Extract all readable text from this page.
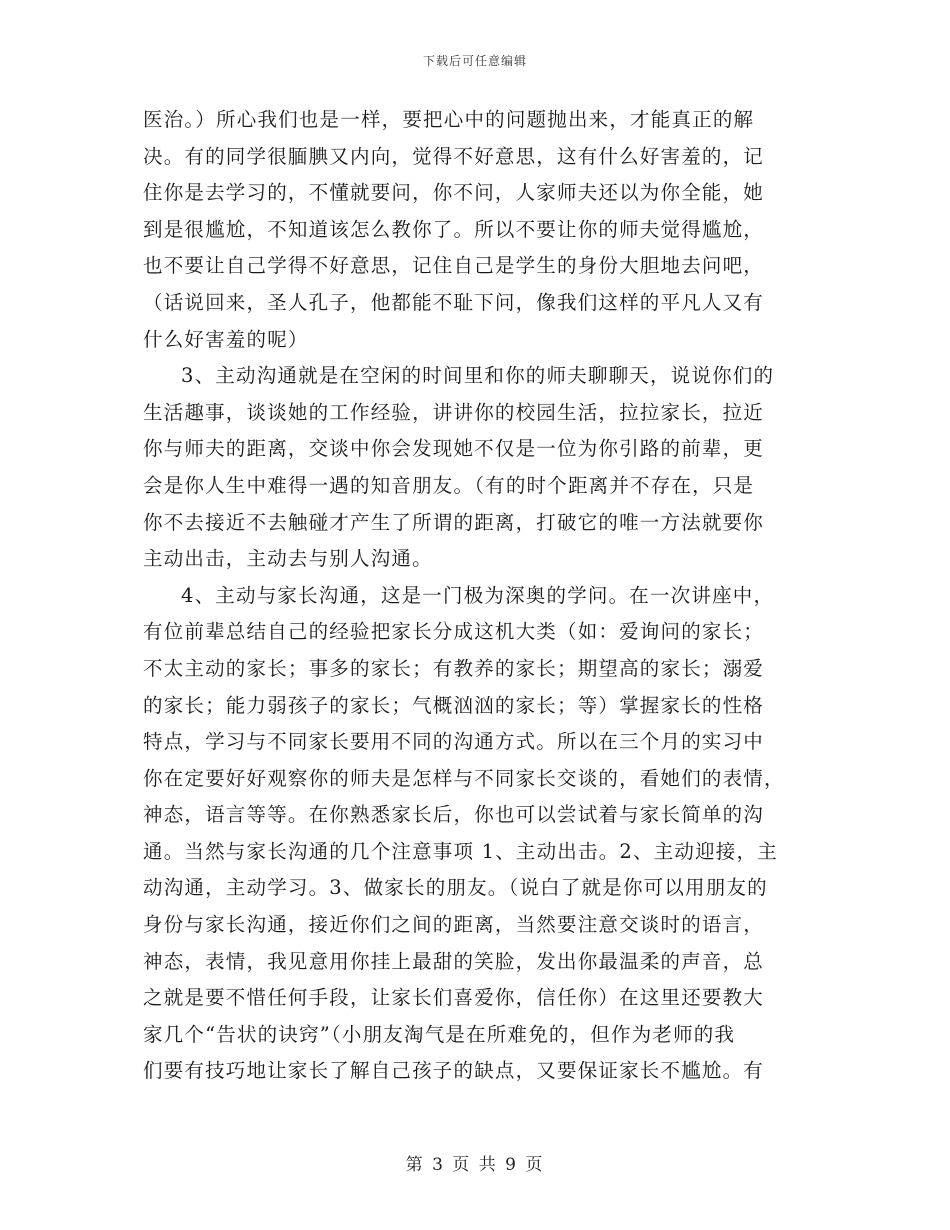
下载后可任意编辑
医治。）所心我们也是一样，要把心中的问题抛出来，才能真正的解
决。有的同学很腼腆又内向，觉得不好意思，这有什么好害羞的，记
住你是去学习的，不懂就要问，你不问，人家师夫还以为你全能，她
到是很尴尬，不知道该怎么教你了。所以不要让你的师夫觉得尴尬，
也不要让自己学得不好意思，记住自己是学生的身份大胆地去问吧，
（话说回来，圣人孔子，他都能不耻下问，像我们这样的平凡人又有
什么好害羞的呢）
3、主动沟通就是在空闲的时间里和你的师夫聊聊天，说说你们的
生活趣事，谈谈她的工作经验，讲讲你的校园生活，拉拉家长，拉近
你与师夫的距离，交谈中你会发现她不仅是一位为你引路的前辈，更
会是你人生中难得一遇的知音朋友。（有的时个距离并不存在，只是
你不去接近不去触碰才产生了所谓的距离，打破它的唯一方法就要你
主动出击，主动去与别人沟通。
4、主动与家长沟通，这是一门极为深奥的学问。在一次讲座中，
有位前辈总结自己的经验把家长分成这机大类（如：爱询问的家长；
不太主动的家长；事多的家长；有教养的家长；期望高的家长；溺爱
的家长；能力弱孩子的家长；气概汹汹的家长；等）掌握家长的性格
特点，学习与不同家长要用不同的沟通方式。所以在三个月的实习中
你在定要好好观察你的师夫是怎样与不同家长交谈的，看她们的表情，
神态，语言等等。在你熟悉家长后，你也可以尝试着与家长简单的沟
通。当然与家长沟通的几个注意事项 1、主动出击。2、主动迎接，主
动沟通，主动学习。3、做家长的朋友。（说白了就是你可以用朋友的
身份与家长沟通，接近你们之间的距离，当然要注意交谈时的语言，
神态，表情，我见意用你挂上最甜的笑脸，发出你最温柔的声音，总
之就是要不惜任何手段，让家长们喜爱你，信任你）在这里还要教大
家几个“告状的诀窍”（小朋友淘气是在所难免的，但作为老师的我
们要有技巧地让家长了解自己孩子的缺点，又要保证家长不尴尬。有
第 3 页 共 9 页
